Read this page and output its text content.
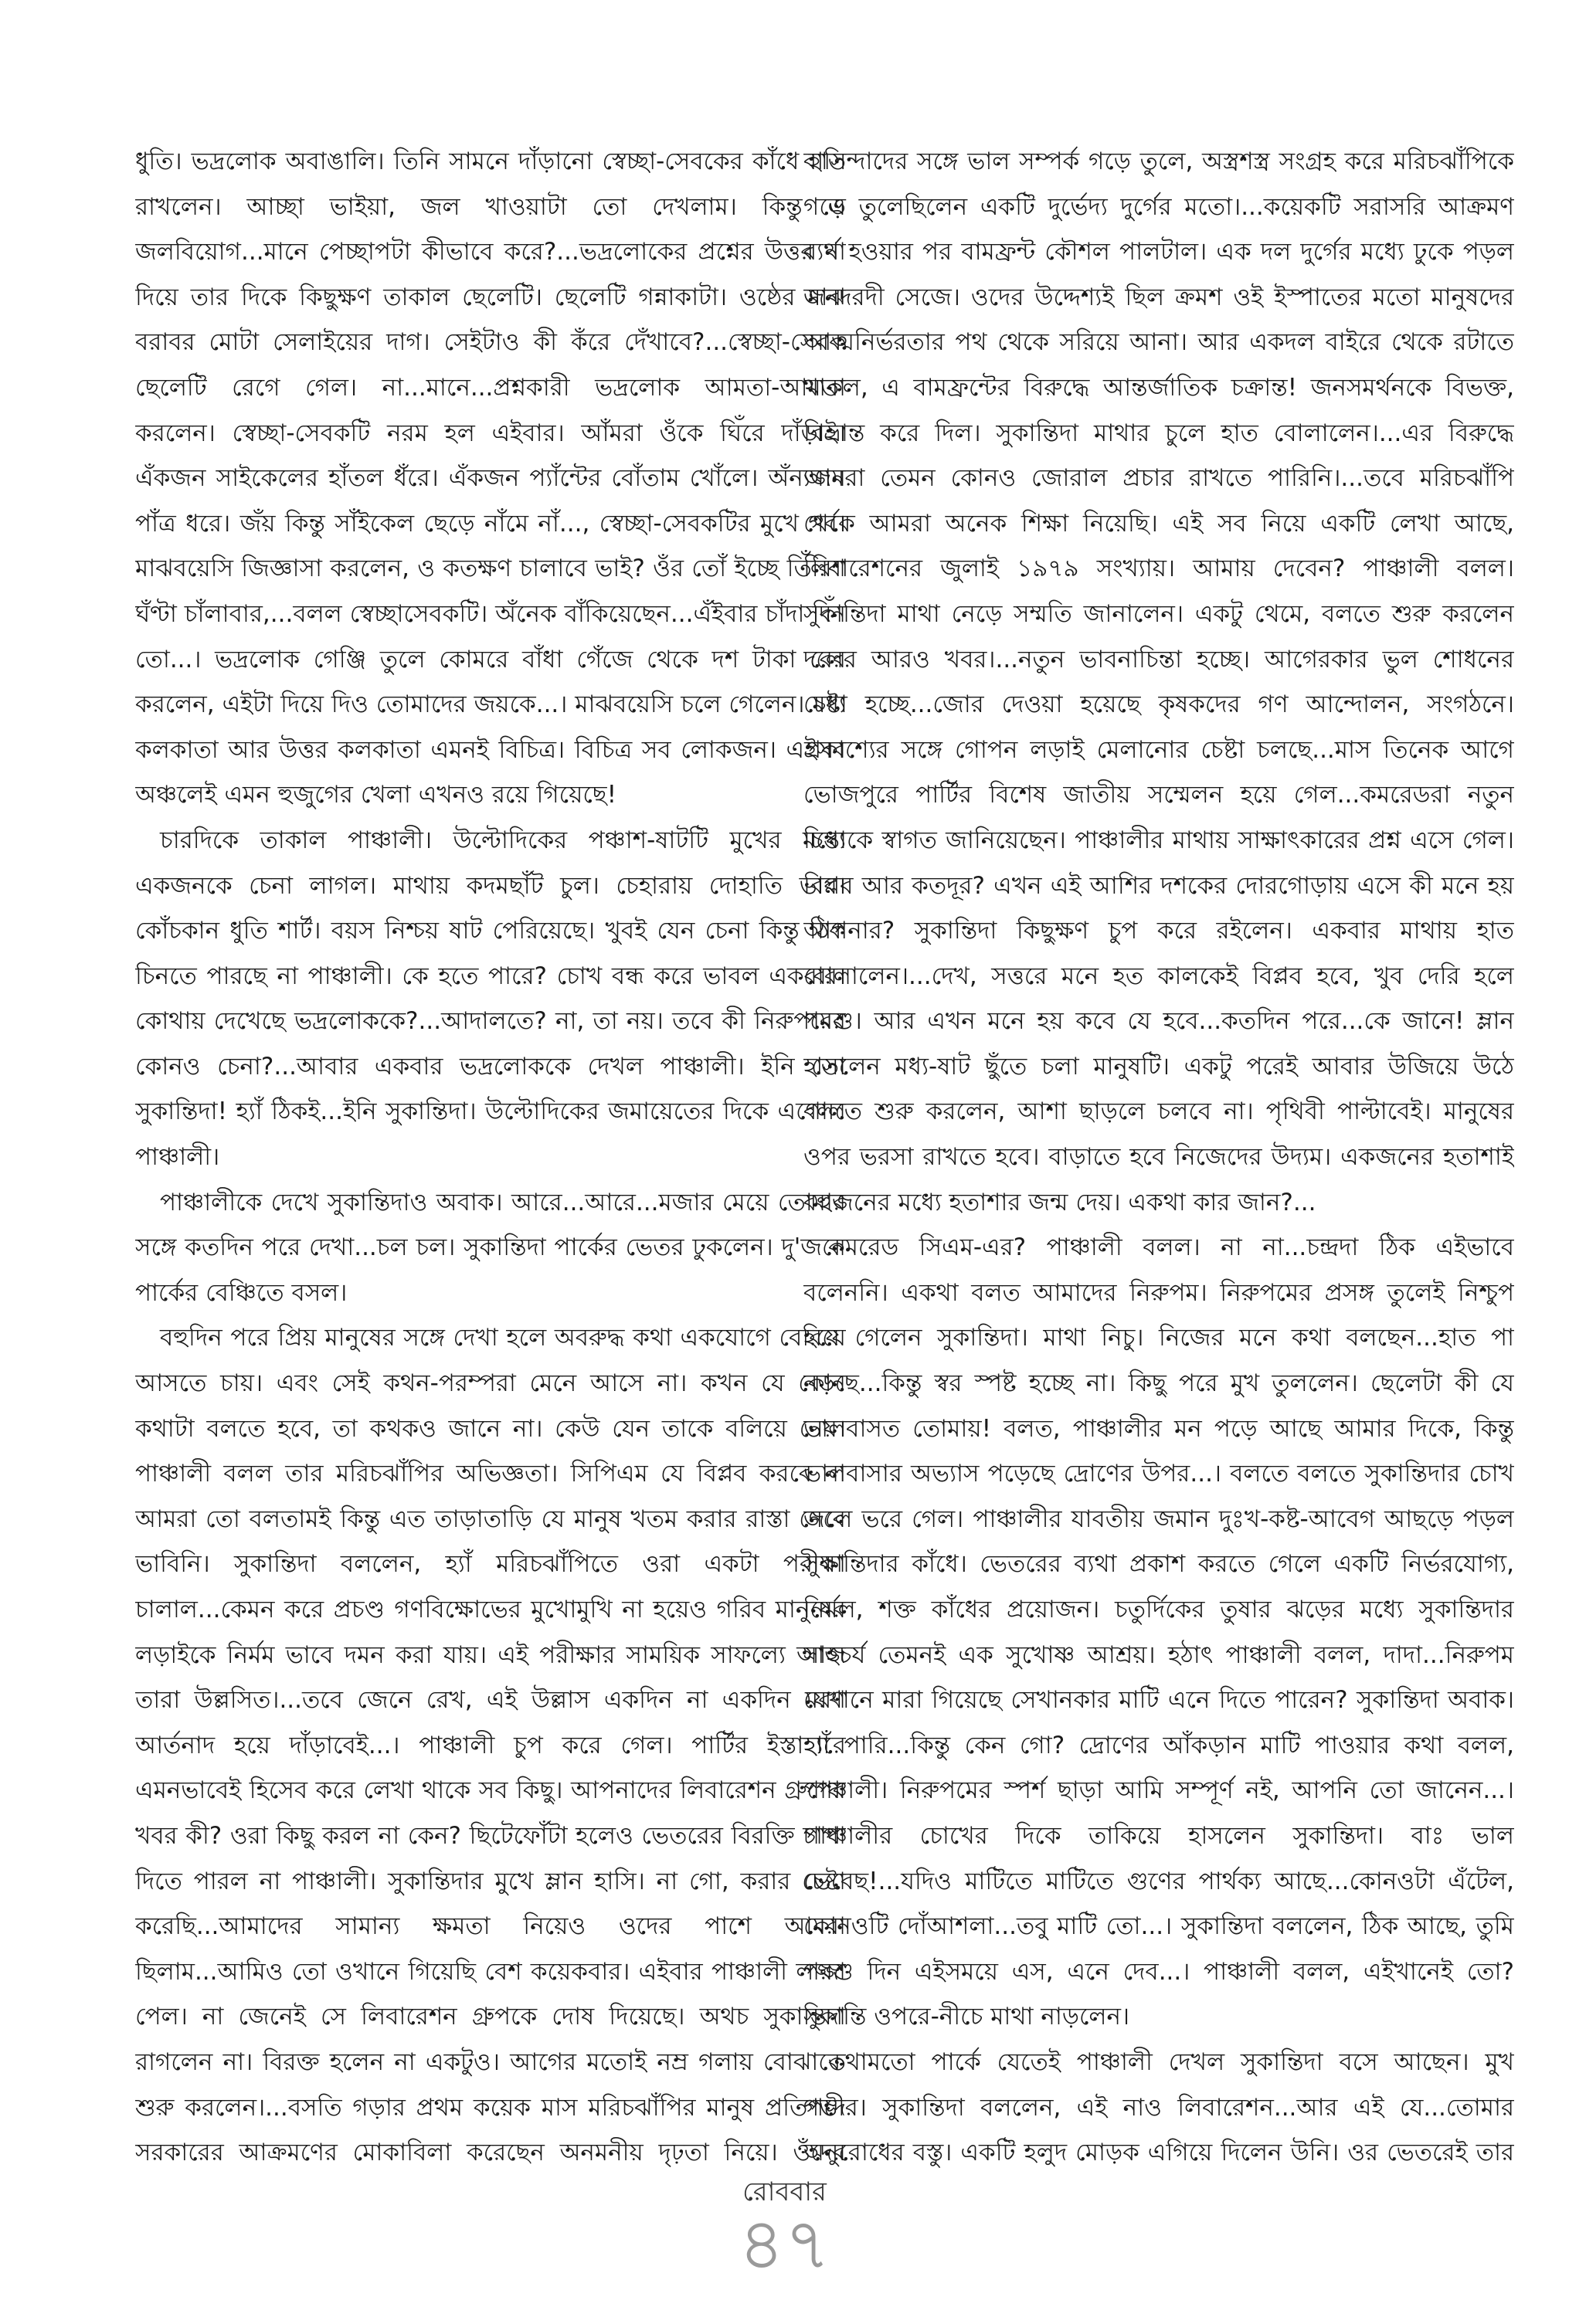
ধুতি। ভদ্রলোক অবাঙালি। তিনি সামনে দাঁড়ানো স্বেচ্ছা-সেবকের কাঁধে হাত রাখলেন। আচ্ছা ভাইয়া, জল খাওয়াটা তো দেখলাম। কিন্তু এ জলবিয়োগ...মানে পেচ্ছাপটা কীভাবে করে?...ভদ্রলোকের প্রশ্নের উত্তর না দিয়ে তার দিকে কিছুক্ষণ তাকাল ছেলেটি। ছেলেটি গন্নাকাটা। ওষ্ঠের মাঝ বরাবর মোটা সেলাইয়ের দাগ। সেইটাও কী কঁরে দেঁখাবে?...স্বেচ্ছা-সেবক ছেলেটি রেগে গেল। না...মানে...প্রশ্নকারী ভদ্রলোক আমতা-আমতা করলেন। স্বেচ্ছা-সেবকটি নরম হল এইবার। আঁমরা ওঁকে ঘিঁরে দাঁড়াই। এঁকজন সাইকেলের হাঁতল ধঁরে। এঁকজন প্যাঁন্টের বোঁতাম খোঁলে। অঁন্যজন পাঁত্র ধরে। জঁয় কিন্তু সাঁইকেল ছেড়ে নাঁমে নাঁ..., স্বেচ্ছা-সেবকটির মুখে গর্ব। মাঝবয়েসি জিজ্ঞাসা করলেন, ও কতক্ষণ চালাবে ভাই? ওঁর তোঁ ইচ্ছে তিঁরিশ ঘঁণ্টা চাঁলাবার,...বলল স্বেচ্ছাসেবকটি। অঁনেক বাঁকিয়েছেন...এঁইবার চাঁদা দিঁন তো...। ভদ্রলোক গেঞ্জি তুলে কোমরে বাঁধা গেঁজে থেকে দশ টাকা বের করলেন, এইটা দিয়ে দিও তোমাদের জয়কে...। মাঝবয়েসি চলে গেলেন। মধ্য কলকাতা আর উত্তর কলকাতা এমনই বিচিত্র। বিচিত্র সব লোকজন। এইসব অঞ্চলেই এমন হুজুগের খেলা এখনও রয়ে গিয়েছে!

চারদিকে তাকাল পাঞ্চালী। উল্টোদিকের পঞ্চাশ-ষাটটি মুখের মধ্যে একজনকে চেনা লাগল। মাথায় কদমছাঁট চুল। চেহারায় দোহাতি ভাব। কোঁচকান ধুতি শার্ট। বয়স নিশ্চয় ষাট পেরিয়েছে। খুবই যেন চেনা কিন্তু ঠিক চিনতে পারছে না পাঞ্চালী। কে হতে পারে? চোখ বন্ধ করে ভাবল একবার। কোথায় দেখেছে ভদ্রলোককে?...আদালতে? না, তা নয়। তবে কী নিরুপমের কোনও চেনা?...আবার একবার ভদ্রলোককে দেখল পাঞ্চালী। ইনি তো সুকান্তিদা! হ্যাঁ ঠিকই...ইনি সুকান্তিদা। উল্টোদিকের জমায়েতের দিকে এগোল পাঞ্চালী।

পাঞ্চালীকে দেখে সুকান্তিদাও অবাক। আরে...আরে...মজার মেয়ে তোমার সঙ্গে কতদিন পরে দেখা...চল চল। সুকান্তিদা পার্কের ভেতর ঢুকলেন। দু'জনে পার্কের বেঞ্চিতে বসল।

বহুদিন পরে প্রিয় মানুষের সঙ্গে দেখা হলে অবরুদ্ধ কথা একযোগে বেরিয়ে আসতে চায়। এবং সেই কথন-পরম্পরা মেনে আসে না। কখন যে কোন কথাটা বলতে হবে, তা কথকও জানে না। কেউ যেন তাকে বলিয়ে নেয়। পাঞ্চালী বলল তার মরিচঝাঁপির অভিজ্ঞতা। সিপিএম যে বিপ্লব করবে না আমরা তো বলতামই কিন্তু এত তাড়াতাড়ি যে মানুষ খতম করার রাস্তা নেবে ভাবিনি। সুকান্তিদা বললেন, হ্যাঁ মরিচঝাঁপিতে ওরা একটা পরীক্ষা চালাল...কেমন করে প্রচণ্ড গণবিক্ষোভের মুখোমুখি না হয়েও গরিব মানুষের লড়াইকে নির্মম ভাবে দমন করা যায়। এই পরীক্ষার সাময়িক সাফল্যে আজ তারা উল্লসিত।...তবে জেনে রেখ, এই উল্লাস একদিন না একদিন মরণ আর্তনাদ হয়ে দাঁড়াবেই...। পাঞ্চালী চুপ করে গেল। পার্টির ইস্তাহারে এমনভাবেই হিসেব করে লেখা থাকে সব কিছু। আপনাদের লিবারেশন গ্রুপের খবর কী? ওরা কিছু করল না কেন? ছিটেফোঁটা হলেও ভেতরের বিরক্তি চাপা দিতে পারল না পাঞ্চালী। সুকান্তিদার মুখে ম্লান হাসি। না গো, করার চেষ্টা করেছি...আমাদের সামান্য ক্ষমতা নিয়েও ওদের পাশে আমরা ছিলাম...আমিও তো ওখানে গিয়েছি বেশ কয়েকবার। এইবার পাঞ্চালী লজ্জা পেল। না জেনেই সে লিবারেশন গ্রুপকে দোষ দিয়েছে। অথচ সুকান্তিদা রাগলেন না। বিরক্ত হলেন না একটুও। আগের মতোই নম্র গলায় বোঝাতে শুরু করলেন।...বসতি গড়ার প্রথম কয়েক মাস মরিচঝাঁপির মানুষ প্রতিপদে সরকারের আক্রমণের মোকাবিলা করেছেন অনমনীয় দৃঢ়তা নিয়ে। ওঁদের

বাসিন্দাদের সঙ্গে ভাল সম্পর্ক গড়ে তুলে, অস্ত্রশস্ত্র সংগ্রহ করে মরিচঝাঁপিকে গড়ে তুলেছিলেন একটি দুর্ভেদ্য দুর্গের মতো।...কয়েকটি সরাসরি আক্রমণ ব্যর্থ হওয়ার পর বামফ্রন্ট কৌশল পালটাল। এক দল দুর্গের মধ্যে ঢুকে পড়ল জনদরদী সেজে। ওদের উদ্দেশ্যই ছিল ক্রমশ ওই ইস্পাতের মতো মানুষদের আত্মনির্ভরতার পথ থেকে সরিয়ে আনা। আর একদল বাইরে থেকে রটাতে থাকল, এ বামফ্রন্টের বিরুদ্ধে আন্তর্জাতিক চক্রান্ত! জনসমর্থনকে বিভক্ত, বিভ্রান্ত করে দিল। সুকান্তিদা মাথার চুলে হাত বোলালেন।...এর বিরুদ্ধে আমরা তেমন কোনও জোরাল প্রচার রাখতে পারিনি।...তবে মরিচঝাঁপি থেকে আমরা অনেক শিক্ষা নিয়েছি। এই সব নিয়ে একটি লেখা আছে, লিবারেশনের জুলাই ১৯৭৯ সংখ্যায়। আমায় দেবেন? পাঞ্চালী বলল। সুকান্তিদা মাথা নেড়ে সম্মতি জানালেন। একটু থেমে, বলতে শুরু করলেন দলের আরও খবর।...নতুন ভাবনাচিন্তা হচ্ছে। আগেরকার ভুল শোধনের চেষ্টা হচ্ছে...জোর দেওয়া হয়েছে কৃষকদের গণ আন্দোলন, সংগঠনে। প্রকাশ্যের সঙ্গে গোপন লড়াই মেলানোর চেষ্টা চলছে...মাস তিনেক আগে ভোজপুরে পার্টির বিশেষ জাতীয় সম্মেলন হয়ে গেল...কমরেডরা নতুন চিন্তাকে স্বাগত জানিয়েছেন। পাঞ্চালীর মাথায় সাক্ষাৎকারের প্রশ্ন এসে গেল। বিপ্লব আর কতদূর? এখন এই আশির দশকের দোরগোড়ায় এসে কী মনে হয় আপনার? সুকান্তিদা কিছুক্ষণ চুপ করে রইলেন। একবার মাথায় হাত বোলালেন।...দেখ, সত্তরে মনে হত কালকেই বিপ্লব হবে, খুব দেরি হলে পরশু। আর এখন মনে হয় কবে যে হবে...কতদিন পরে...কে জানে! ম্লান হাসলেন মধ্য-ষাট ছুঁতে চলা মানুষটি। একটু পরেই আবার উজিয়ে উঠে বলতে শুরু করলেন, আশা ছাড়লে চলবে না। পৃথিবী পাল্টাবেই। মানুষের ওপর ভরসা রাখতে হবে। বাড়াতে হবে নিজেদের উদ্যম। একজনের হতাশাই বহুজনের মধ্যে হতাশার জন্ম দেয়। একথা কার জান?...

কমরেড সিএম-এর? পাঞ্চালী বলল। না না...চন্দ্রদা ঠিক এইভাবে বলেননি। একথা বলত আমাদের নিরুপম। নিরুপমের প্রসঙ্গ তুলেই নিশ্চুপ হয়ে গেলেন সুকান্তিদা। মাথা নিচু। নিজের মনে কথা বলছেন...হাত পা নড়ছে...কিন্তু স্বর স্পষ্ট হচ্ছে না। কিছু পরে মুখ তুললেন। ছেলেটা কী যে ভালবাসত তোমায়! বলত, পাঞ্চালীর মন পড়ে আছে আমার দিকে, কিন্তু ভালবাসার অভ্যাস পড়েছে দ্রোণের উপর...। বলতে বলতে সুকান্তিদার চোখ জলে ভরে গেল। পাঞ্চালীর যাবতীয় জমান দুঃখ-কষ্ট-আবেগ আছড়ে পড়ল সুকান্তিদার কাঁধে। ভেতরের ব্যথা প্রকাশ করতে গেলে একটি নির্ভরযোগ্য, নির্মল, শক্ত কাঁধের প্রয়োজন। চতুর্দিকের তুষার ঝড়ের মধ্যে সুকান্তিদার সাহচর্য তেমনই এক সুখোষ্ণ আশ্রয়। হঠাৎ পাঞ্চালী বলল, দাদা...নিরুপম যেখানে মারা গিয়েছে সেখানকার মাটি এনে দিতে পারেন? সুকান্তিদা অবাক। হ্যাঁ পারি...কিন্তু কেন গো? দ্রোণের আঁকড়ান মাটি পাওয়ার কথা বলল, পাঞ্চালী। নিরুপমের স্পর্শ ছাড়া আমি সম্পূর্ণ নই, আপনি তো জানেন...। পাঞ্চালীর চোখের দিকে তাকিয়ে হাসলেন সুকান্তিদা। বাঃ ভাল ভেবেছ!...যদিও মাটিতে মাটিতে গুণের পার্থক্য আছে...কোনওটা এঁটেল, কোনওটি দোঁআশলা...তবু মাটি তো...। সুকান্তিদা বললেন, ঠিক আছে, তুমি পরশু দিন এইসময়ে এস, এনে দেব...। পাঞ্চালী বলল, এইখানেই তো? সুকান্তি ওপরে-নীচে মাথা নাড়লেন।

কথামতো পার্কে যেতেই পাঞ্চালী দেখল সুকান্তিদা বসে আছেন। মুখ গম্ভীর। সুকান্তিদা বললেন, এই নাও লিবারেশন...আর এই যে...তোমার অনুরোধের বস্তু। একটি হলুদ মোড়ক এগিয়ে দিলেন উনি। ওর ভেতরেই তার

রোববার
৪৭
